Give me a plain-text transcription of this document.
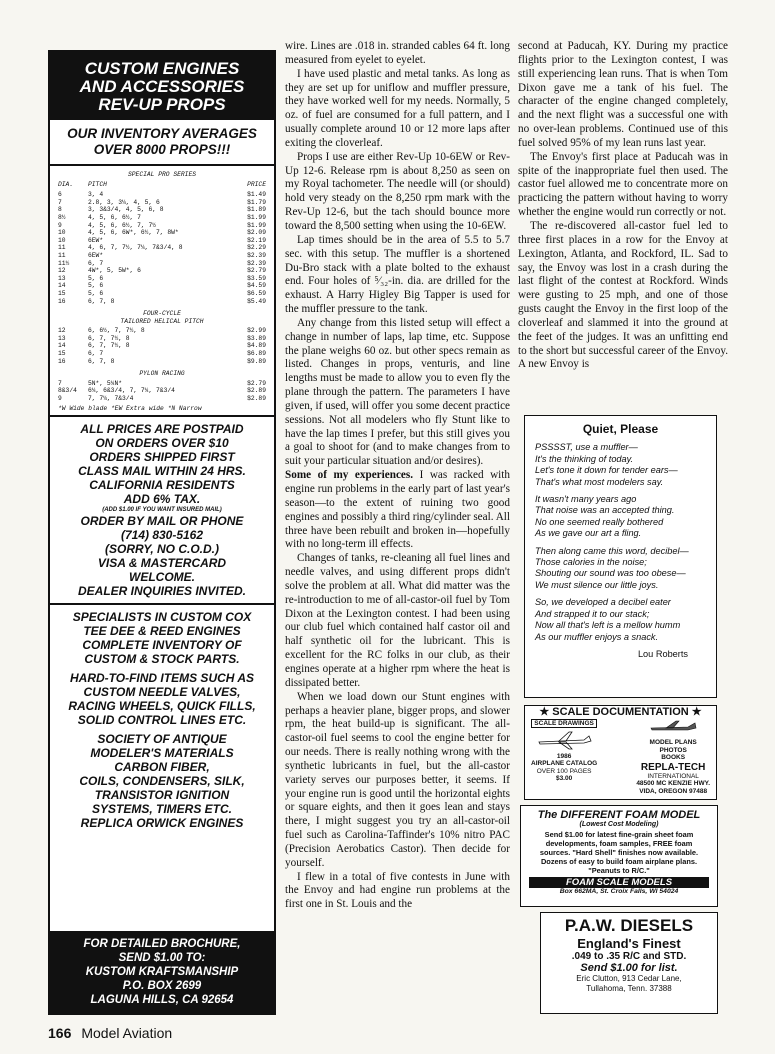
CUSTOM ENGINES
AND ACCESSORIES
REV-UP PROPS
OUR INVENTORY AVERAGES
OVER 8000 PROPS!!!
SPECIAL PRO SERIES
DIA.	PITCH	PRICE
6	3, 4	$1.49
7	2.8, 3, 3¼, 4, 5, 6	$1.79
8	3, 3&3/4, 4, 5, 6, 8	$1.89
8½	4, 5, 6, 6½, 7	$1.99
9	4, 5, 6, 6½, 7, 7½	$1.99
10	4, 5, 6, 6W*, 6½, 7, 8W*	$2.09
10	6EW*	$2.19
11	4, 6, 7, 7½, 7¼, 7&3/4, 8	$2.29
11	6EW*	$2.39
11½	6, 7	$2.39
12	4W*, 5, 5W*, 6	$2.79
13	5, 6	$3.59
14	5, 6	$4.59
15	5, 6	$6.59
16	6, 7, 8	$5.49
FOUR-CYCLE
TAILORED HELICAL PITCH
12	6, 6½, 7, 7½, 8	$2.99
13	6, 7, 7½, 8	$3.89
14	6, 7, 7½, 8	$4.89
15	6, 7	$6.89
16	6, 7, 8	$9.89
PYLON RACING
7	5N*, 5¼N*	$2.79
8&3/4	6¼, 6&3/4, 7, 7¼, 7&3/4	$2.89
9	7, 7¼, 7&3/4	$2.89
*W Wide blade *EW Extra wide *N Narrow
ALL PRICES ARE POSTPAID
ON ORDERS OVER $10
ORDERS SHIPPED FIRST
CLASS MAIL WITHIN 24 HRS.
CALIFORNIA RESIDENTS
ADD 6% TAX.
(ADD $1.00 IF YOU WANT INSURED MAIL)
ORDER BY MAIL OR PHONE
(714) 830-5162
(SORRY, NO C.O.D.)
VISA & MASTERCARD
WELCOME.
DEALER INQUIRIES INVITED.

SPECIALISTS IN CUSTOM COX
TEE DEE & REED ENGINES
COMPLETE INVENTORY OF
CUSTOM & STOCK PARTS.

HARD-TO-FIND ITEMS SUCH AS
CUSTOM NEEDLE VALVES,
RACING WHEELS, QUICK FILLS,
SOLID CONTROL LINES ETC.

SOCIETY OF ANTIQUE
MODELER'S MATERIALS
CARBON FIBER,
COILS, CONDENSERS, SILK,
TRANSISTOR IGNITION
SYSTEMS, TIMERS ETC.
REPLICA ORWICK ENGINES

FOR DETAILED BROCHURE,
SEND $1.00 TO:
KUSTOM KRAFTSMANSHIP
P.O. BOX 2699
LAGUNA HILLS, CA 92654

wire. Lines are .018 in. stranded cables 64 ft. long measured from eyelet to eyelet.

I have used plastic and metal tanks. As long as they are set up for uniflow and muffler pressure, they have worked well for my needs. Normally, 5 oz. of fuel are consumed for a full pattern, and I usually complete around 10 or 12 more laps after exiting the cloverleaf.

Props I use are either Rev-Up 10-6EW or Rev-Up 12-6. Release rpm is about 8,250 as seen on my Royal tachometer. The needle will (or should) hold very steady on the 8,250 rpm mark with the Rev-Up 12-6, but the tach should bounce more toward the 8,500 setting when using the 10-6EW.

Lap times should be in the area of 5.5 to 5.7 sec. with this setup. The muffler is a shortened Du-Bro stack with a plate bolted to the exhaust end. Four holes of ⁵⁄₃₂-in. dia. are drilled for the exhaust. A Harry Higley Big Tapper is used for the muffler pressure to the tank.

Any change from this listed setup will effect a change in number of laps, lap time, etc. Suppose the plane weighs 60 oz. but other specs remain as listed. Changes in props, venturis, and line lengths must be made to allow you to even fly the plane through the pattern. The parameters I have given, if used, will offer you some decent practice sessions. Not all modelers who fly Stunt like to have the lap times I prefer, but this still gives you a goal to shoot for (and to make changes from to suit your particular situation and/or desires).

Some of my experiences. I was racked with engine run problems in the early part of last year's season—to the extent of ruining two good engines and possibly a third ring/cylinder seal. All three have been rebuilt and broken in—hopefully with no long-term ill effects.

Changes of tanks, re-cleaning all fuel lines and needle valves, and using different props didn't solve the problem at all. What did matter was the re-introduction to me of all-castor-oil fuel by Tom Dixon at the Lexington contest. I had been using our club fuel which contained half castor oil and half synthetic oil for the lubricant. This is excellent for the RC folks in our club, as their engines operate at a higher rpm where the heat is dissipated better.

When we load down our Stunt engines with perhaps a heavier plane, bigger props, and slower rpm, the heat build-up is significant. The all-castor-oil fuel seems to cool the engine better for our needs. There is really nothing wrong with the synthetic lubricants in fuel, but the all-castor variety serves our purposes better, it seems. If your engine run is good until the horizontal eights or square eights, and then it goes lean and stays there, I might suggest you try an all-castor-oil fuel such as Carolina-Taffinder's 10% nitro PAC (Precision Aerobatics Castor). Then decide for yourself.

I flew in a total of five contests in June with the Envoy and had engine run problems at the first one in St. Louis and the

second at Paducah, KY. During my practice flights prior to the Lexington contest, I was still experiencing lean runs. That is when Tom Dixon gave me a tank of his fuel. The character of the engine changed completely, and the next flight was a successful one with no over-lean problems. Continued use of this fuel solved 95% of my lean runs last year.

The Envoy's first place at Paducah was in spite of the inappropriate fuel then used. The castor fuel allowed me to concentrate more on practicing the pattern without having to worry whether the engine would run correctly or not.

The re-discovered all-castor fuel led to three first places in a row for the Envoy at Lexington, Atlanta, and Rockford, IL. Sad to say, the Envoy was lost in a crash during the last flight of the contest at Rockford. Winds were gusting to 25 mph, and one of those gusts caught the Envoy in the first loop of the cloverleaf and slammed it into the ground at the feet of the judges. It was an unfitting end to the short but successful career of the Envoy. A new Envoy is

Quiet, Please

PSSSST, use a muffler—
It's the thinking of today.
Let's tone it down for tender ears—
That's what most modelers say.

It wasn't many years ago
That noise was an accepted thing.
No one seemed really bothered
As we gave our art a fling.

Then along came this word, decibel—
Those calories in the noise;
Shouting our sound was too obese—
We must silence our little joys.

So, we developed a decibel eater
And strapped it to our stack;
Now all that's left is a mellow humm
As our muffler enjoys a snack.

Lou Roberts
★ SCALE DOCUMENTATION ★
SCALE DRAWINGS
1986
AIRPLANE CATALOG
OVER 100 PAGES
$3.00
MODEL PLANS
PHOTOS
BOOKS
REPLA-TECH
INTERNATIONAL
48500 MC KENZIE HWY.
VIDA, OREGON 97488
The DIFFERENT FOAM MODEL
(Lowest Cost Modeling)
Send $1.00 for latest fine-grain sheet foam developments, foam samples, FREE foam sources. "Hard Shell" finishes now available. Dozens of easy to build foam airplane plans. "Peanuts to R/C."
FOAM SCALE MODELS
Box 662MA, St. Croix Falls, WI 54024
P.A.W. DIESELS
England's Finest
.049 to .35 R/C and STD.
Send $1.00 for list.
Eric Clutton, 913 Cedar Lane,
Tullahoma, Tenn. 37388
166 Model Aviation
